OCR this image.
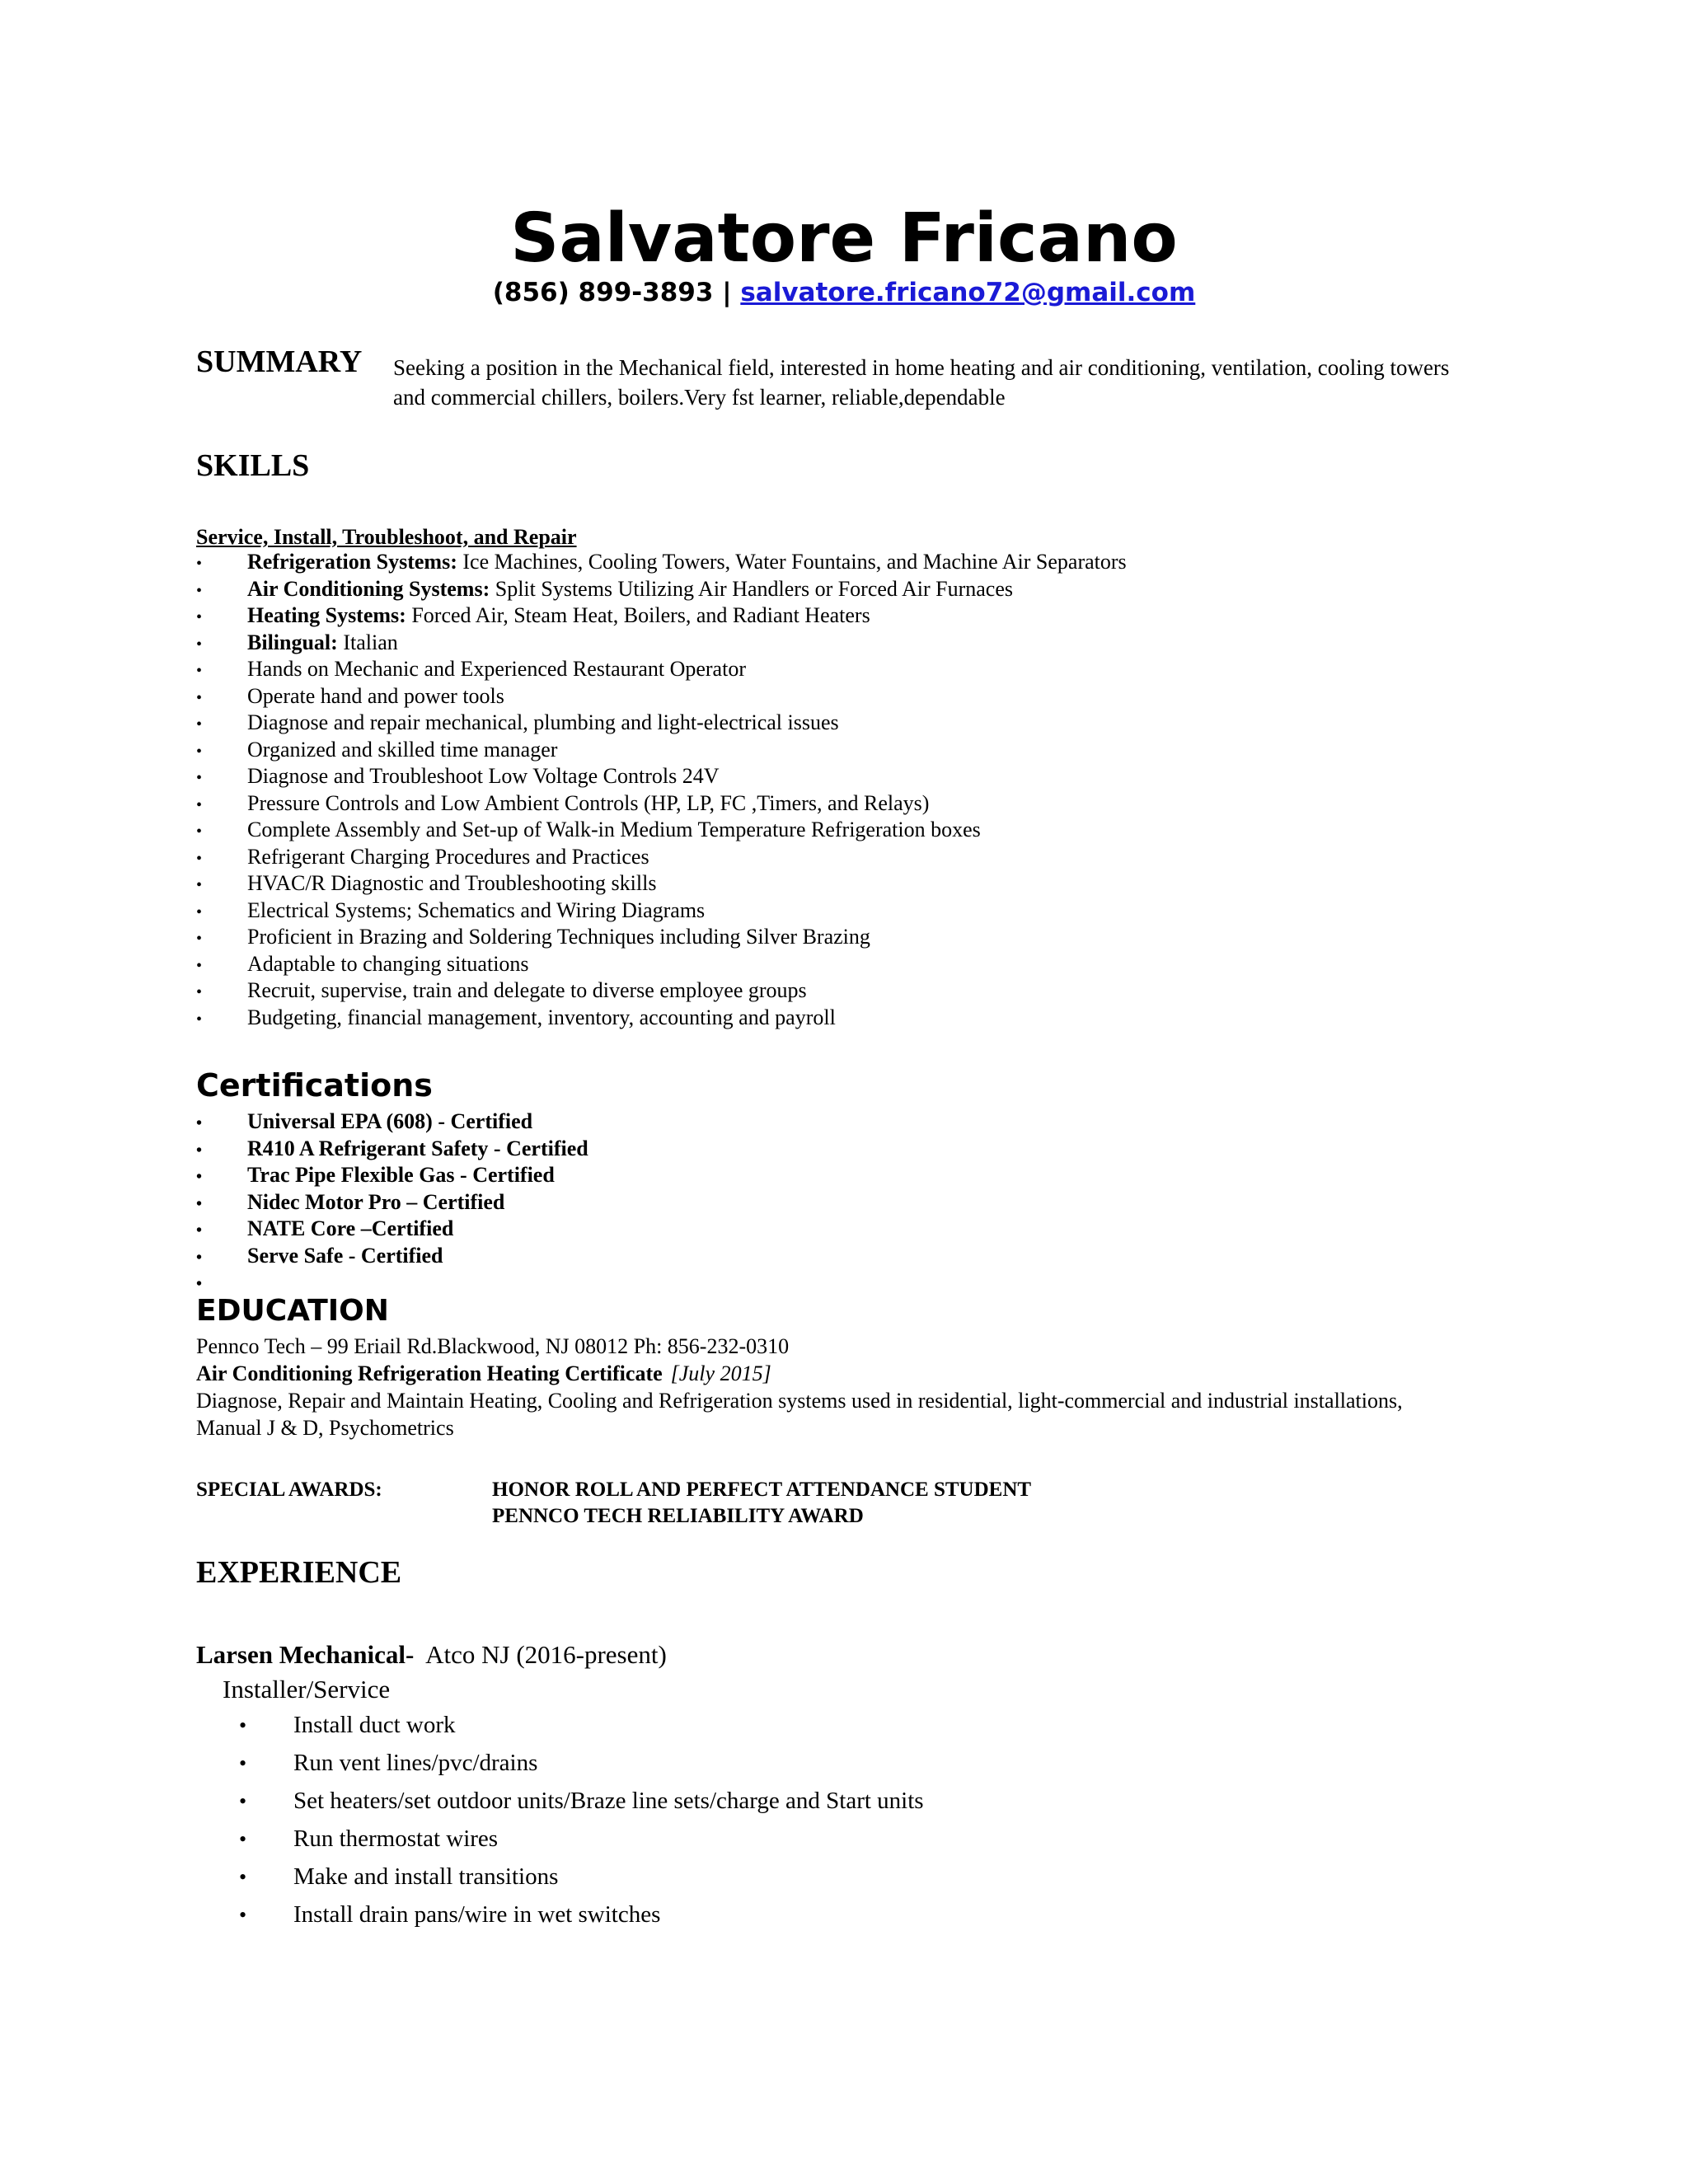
Salvatore Fricano
(856) 899-3893 | salvatore.fricano72@gmail.com
SUMMARY Seeking a position in the Mechanical field, interested in home heating and air conditioning, ventilation, cooling towers and commercial chillers, boilers.Very fst learner, reliable,dependable

SKILLS
Service, Install, Troubleshoot, and Repair
• Refrigeration Systems: Ice Machines, Cooling Towers, Water Fountains, and Machine Air Separators
• Air Conditioning Systems: Split Systems Utilizing Air Handlers or Forced Air Furnaces
• Heating Systems: Forced Air, Steam Heat, Boilers, and Radiant Heaters
• Bilingual: Italian
• Hands on Mechanic and Experienced Restaurant Operator
• Operate hand and power tools
• Diagnose and repair mechanical, plumbing and light-electrical issues
• Organized and skilled time manager
• Diagnose and Troubleshoot Low Voltage Controls 24V
• Pressure Controls and Low Ambient Controls (HP, LP, FC ,Timers, and Relays)
• Complete Assembly and Set-up of Walk-in Medium Temperature Refrigeration boxes
• Refrigerant Charging Procedures and Practices
• HVAC/R Diagnostic and Troubleshooting skills
• Electrical Systems; Schematics and Wiring Diagrams
• Proficient in Brazing and Soldering Techniques including Silver Brazing
• Adaptable to changing situations
• Recruit, supervise, train and delegate to diverse employee groups
• Budgeting, financial management, inventory, accounting and payroll
Certifications
• Universal EPA (608) - Certified
• R410 A Refrigerant Safety - Certified
• Trac Pipe Flexible Gas - Certified
• Nidec Motor Pro – Certified
• NATE Core –Certified
• Serve Safe - Certified
•
EDUCATION
Pennco Tech – 99 Eriail Rd.Blackwood, NJ 08012 Ph: 856-232-0310
Air Conditioning Refrigeration Heating Certificate [July 2015]

Diagnose, Repair and Maintain Heating, Cooling and Refrigeration systems used in residential, light-commercial and industrial installations, Manual J & D, Psychometrics

SPECIAL AWARDS:	HONOR ROLL AND PERFECT ATTENDANCE STUDENT
PENNCO TECH RELIABILITY AWARD
EXPERIENCE
Larsen Mechanical-  Atco NJ (2016-present)
Installer/Service
• Install duct work
• Run vent lines/pvc/drains
• Set heaters/set outdoor units/Braze line sets/charge and Start units
• Run thermostat wires
• Make and install transitions
• Install drain pans/wire in wet switches
